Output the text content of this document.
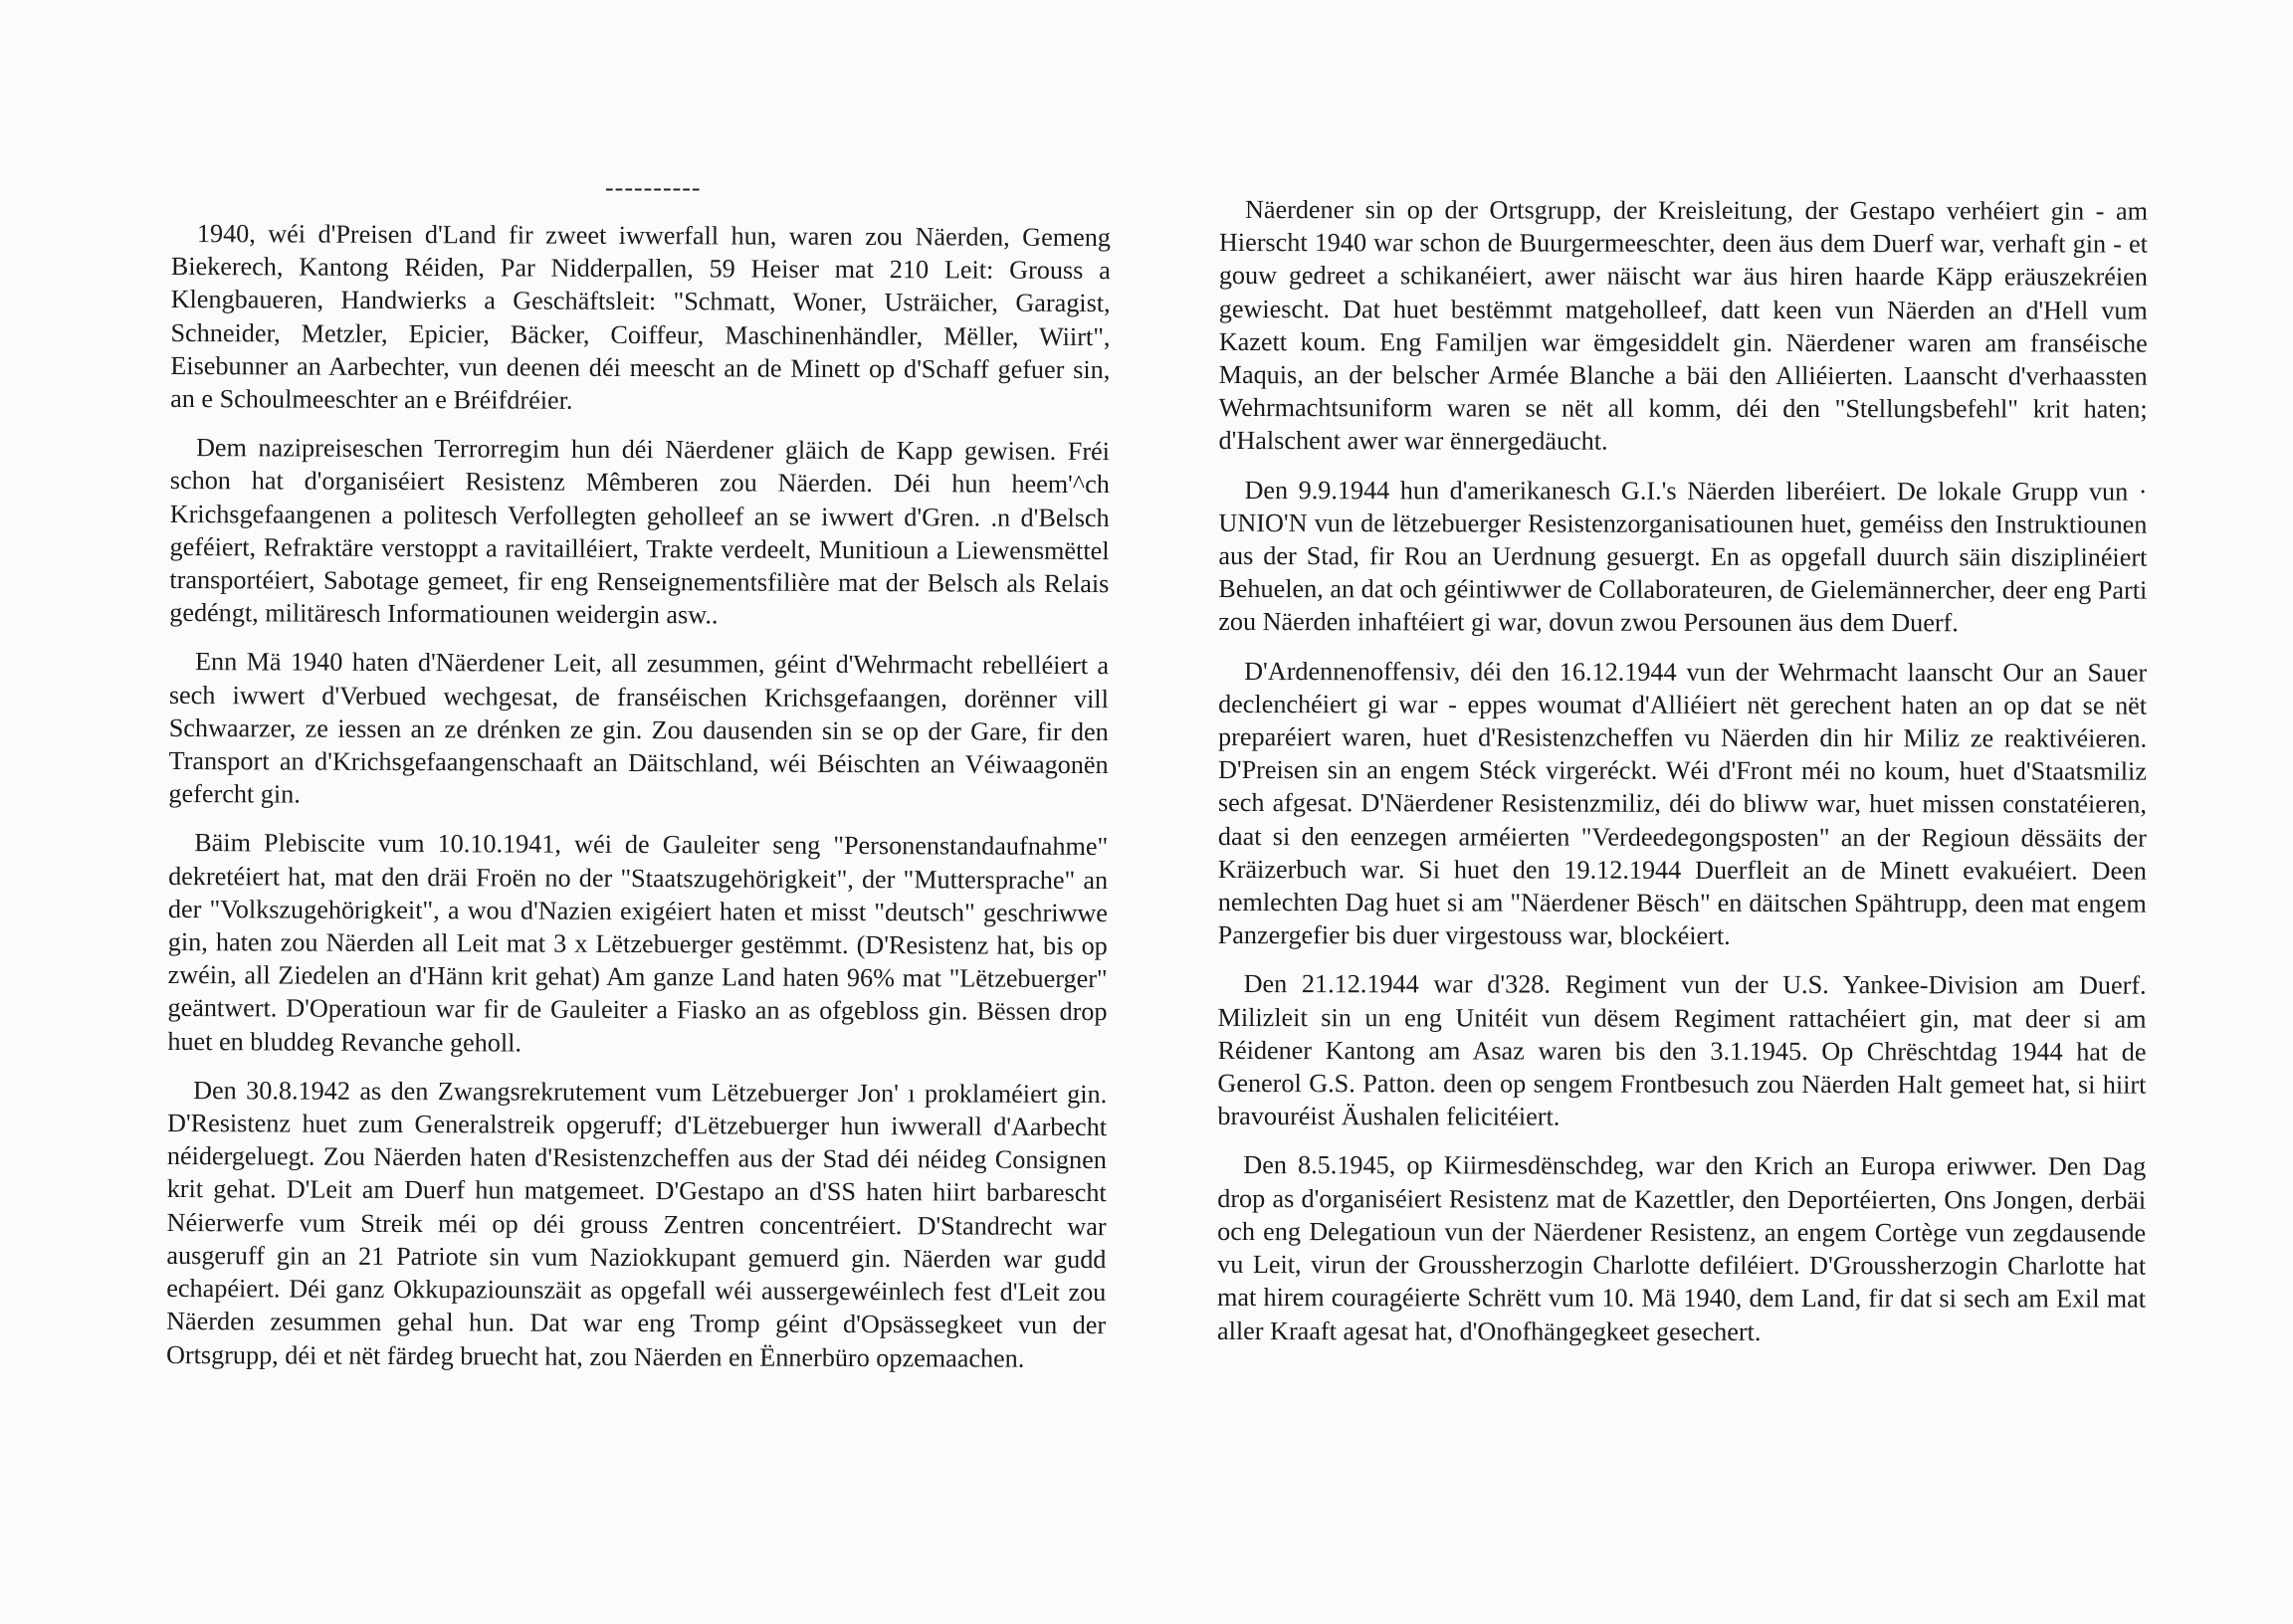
----------

1940, wéi d'Preisen d'Land fir zweet iwwerfall hun, waren zou Näerden, Gemeng Biekerech, Kantong Réiden, Par Nidderpallen, 59 Heiser mat 210 Leit: Grouss a Klengbaueren, Handwierks a Geschäftsleit: "Schmatt, Woner, Usträicher, Garagist, Schneider, Metzler, Epicier, Bäcker, Coiffeur, Maschinenhändler, Mëller, Wiirt", Eisebunner an Aarbechter, vun deenen déi meescht an de Minett op d'Schaff gefuer sin, an e Schoulmeeschter an e Bréifdréier.

Dem nazipreiseschen Terrorregim hun déi Näerdener gläich de Kapp gewisen. Fréi schon hat d'organiséiert Resistenz Mêmberen zou Näerden. Déi hun heem'^ch Krichsgefaangenen a politesch Verfollegten geholleef an se iwwert d'Gren. .n d'Belsch geféiert, Refraktäre verstoppt a ravitailléiert, Trakte verdeelt, Munitioun a Liewensmëttel transportéiert, Sabotage gemeet, fir eng Renseignementsfilière mat der Belsch als Relais gedéngt, militäresch Informatiounen weidergin asw..

Enn Mä 1940 haten d'Näerdener Leit, all zesummen, géint d'Wehrmacht rebelléiert a sech iwwert d'Verbued wechgesat, de franséischen Krichsgefaangen, dorënner vill Schwaarzer, ze iessen an ze drénken ze gin. Zou dausenden sin se op der Gare, fir den Transport an d'Krichsgefaangenschaaft an Däitschland, wéi Béischten an Véiwaagonën gefercht gin.

Bäim Plebiscite vum 10.10.1941, wéi de Gauleiter seng "Personenstandaufnahme" dekretéiert hat, mat den dräi Froën no der "Staatszugehörigkeit", der "Muttersprache" an der "Volkszugehörigkeit", a wou d'Nazien exigéiert haten et misst "deutsch" geschriwwe gin, haten zou Näerden all Leit mat 3 x Lëtzebuerger gestëmmt. (D'Resistenz hat, bis op zwéin, all Ziedelen an d'Hänn krit gehat) Am ganze Land haten 96% mat "Lëtzebuerger" geäntwert. D'Operatioun war fir de Gauleiter a Fiasko an as ofgebloss gin. Bëssen drop huet en bluddeg Revanche geholl.

Den 30.8.1942 as den Zwangsrekrutement vum Lëtzebuerger Jon' ı proklaméiert gin. D'Resistenz huet zum Generalstreik opgeruff; d'Lëtzebuerger hun iwwerall d'Aarbecht néidergeluegt. Zou Näerden haten d'Resistenzcheffen aus der Stad déi néideg Consignen krit gehat. D'Leit am Duerf hun matgemeet. D'Gestapo an d'SS haten hiirt barbarescht Néierwerfe vum Streik méi op déi grouss Zentren concentréiert. D'Standrecht war ausgeruff gin an 21 Patriote sin vum Naziokkupant gemuerd gin. Näerden war gudd echapéiert. Déi ganz Okkupaziounszäit as opgefall wéi aussergewéinlech fest d'Leit zou Näerden zesummen gehal hun. Dat war eng Tromp géint d'Opsässegkeet vun der Ortsgrupp, déi et nët färdeg bruecht hat, zou Näerden en Ënnerbüro opzemaachen.

Näerdener sin op der Ortsgrupp, der Kreisleitung, der Gestapo verhéiert gin - am Hierscht 1940 war schon de Buurgermeeschter, deen äus dem Duerf war, verhaft gin - et gouw gedreet a schikanéiert, awer näischt war äus hiren haarde Käpp eräuszekréien gewiescht. Dat huet bestëmmt matgeholleef, datt keen vun Näerden an d'Hell vum Kazett koum. Eng Familjen war ëmgesiddelt gin. Näerdener waren am franséische Maquis, an der belscher Armée Blanche a bäi den Alliéierten. Laanscht d'verhaassten Wehrmachtsuniform waren se nët all komm, déi den "Stellungsbefehl" krit haten; d'Halschent awer war ënnergedäucht.

Den 9.9.1944 hun d'amerikanesch G.I.'s Näerden liberéiert. De lokale Grupp vun · UNIO'N vun de lëtzebuerger Resistenzorganisatiounen huet, geméiss den Instruktiounen aus der Stad, fir Rou an Uerdnung gesuergt. En as opgefall duurch säin disziplinéiert Behuelen, an dat och géintiwwer de Collaborateuren, de Gielemännercher, deer eng Parti zou Näerden inhaftéiert gi war, dovun zwou Persounen äus dem Duerf.

D'Ardennenoffensiv, déi den 16.12.1944 vun der Wehrmacht laanscht Our an Sauer declenchéiert gi war - eppes woumat d'Alliéiert nët gerechent haten an op dat se nët preparéiert waren, huet d'Resistenzcheffen vu Näerden din hir Miliz ze reaktivéieren. D'Preisen sin an engem Stéck virgeréckt. Wéi d'Front méi no koum, huet d'Staatsmiliz sech afgesat. D'Näerdener Resistenzmiliz, déi do bliww war, huet missen constatéieren, daat si den eenzegen arméierten "Verdeedegongsposten" an der Regioun dëssäits der Kräizerbuch war. Si huet den 19.12.1944 Duerfleit an de Minett evakuéiert. Deen nemlechten Dag huet si am "Näerdener Bësch" en däitschen Spähtrupp, deen mat engem Panzergefier bis duer virgestouss war, blockéiert.

Den 21.12.1944 war d'328. Regiment vun der U.S. Yankee-Division am Duerf. Milizleit sin un eng Unitéit vun dësem Regiment rattachéiert gin, mat deer si am Réidener Kantong am Asaz waren bis den 3.1.1945. Op Chrëschtdag 1944 hat de Generol G.S. Patton. deen op sengem Frontbesuch zou Näerden Halt gemeet hat, si hiirt bravouréist Äushalen felicitéiert.

Den 8.5.1945, op Kiirmesdënschdeg, war den Krich an Europa eriwwer. Den Dag drop as d'organiséiert Resistenz mat de Kazettler, den Deportéierten, Ons Jongen, derbäi och eng Delegatioun vun der Näerdener Resistenz, an engem Cortège vun zegdausende vu Leit, virun der Groussherzogin Charlotte defiléiert. D'Groussherzogin Charlotte hat mat hirem couragéierte Schrëtt vum 10. Mä 1940, dem Land, fir dat si sech am Exil mat aller Kraaft agesat hat, d'Onofhängegkeet gesechert.
